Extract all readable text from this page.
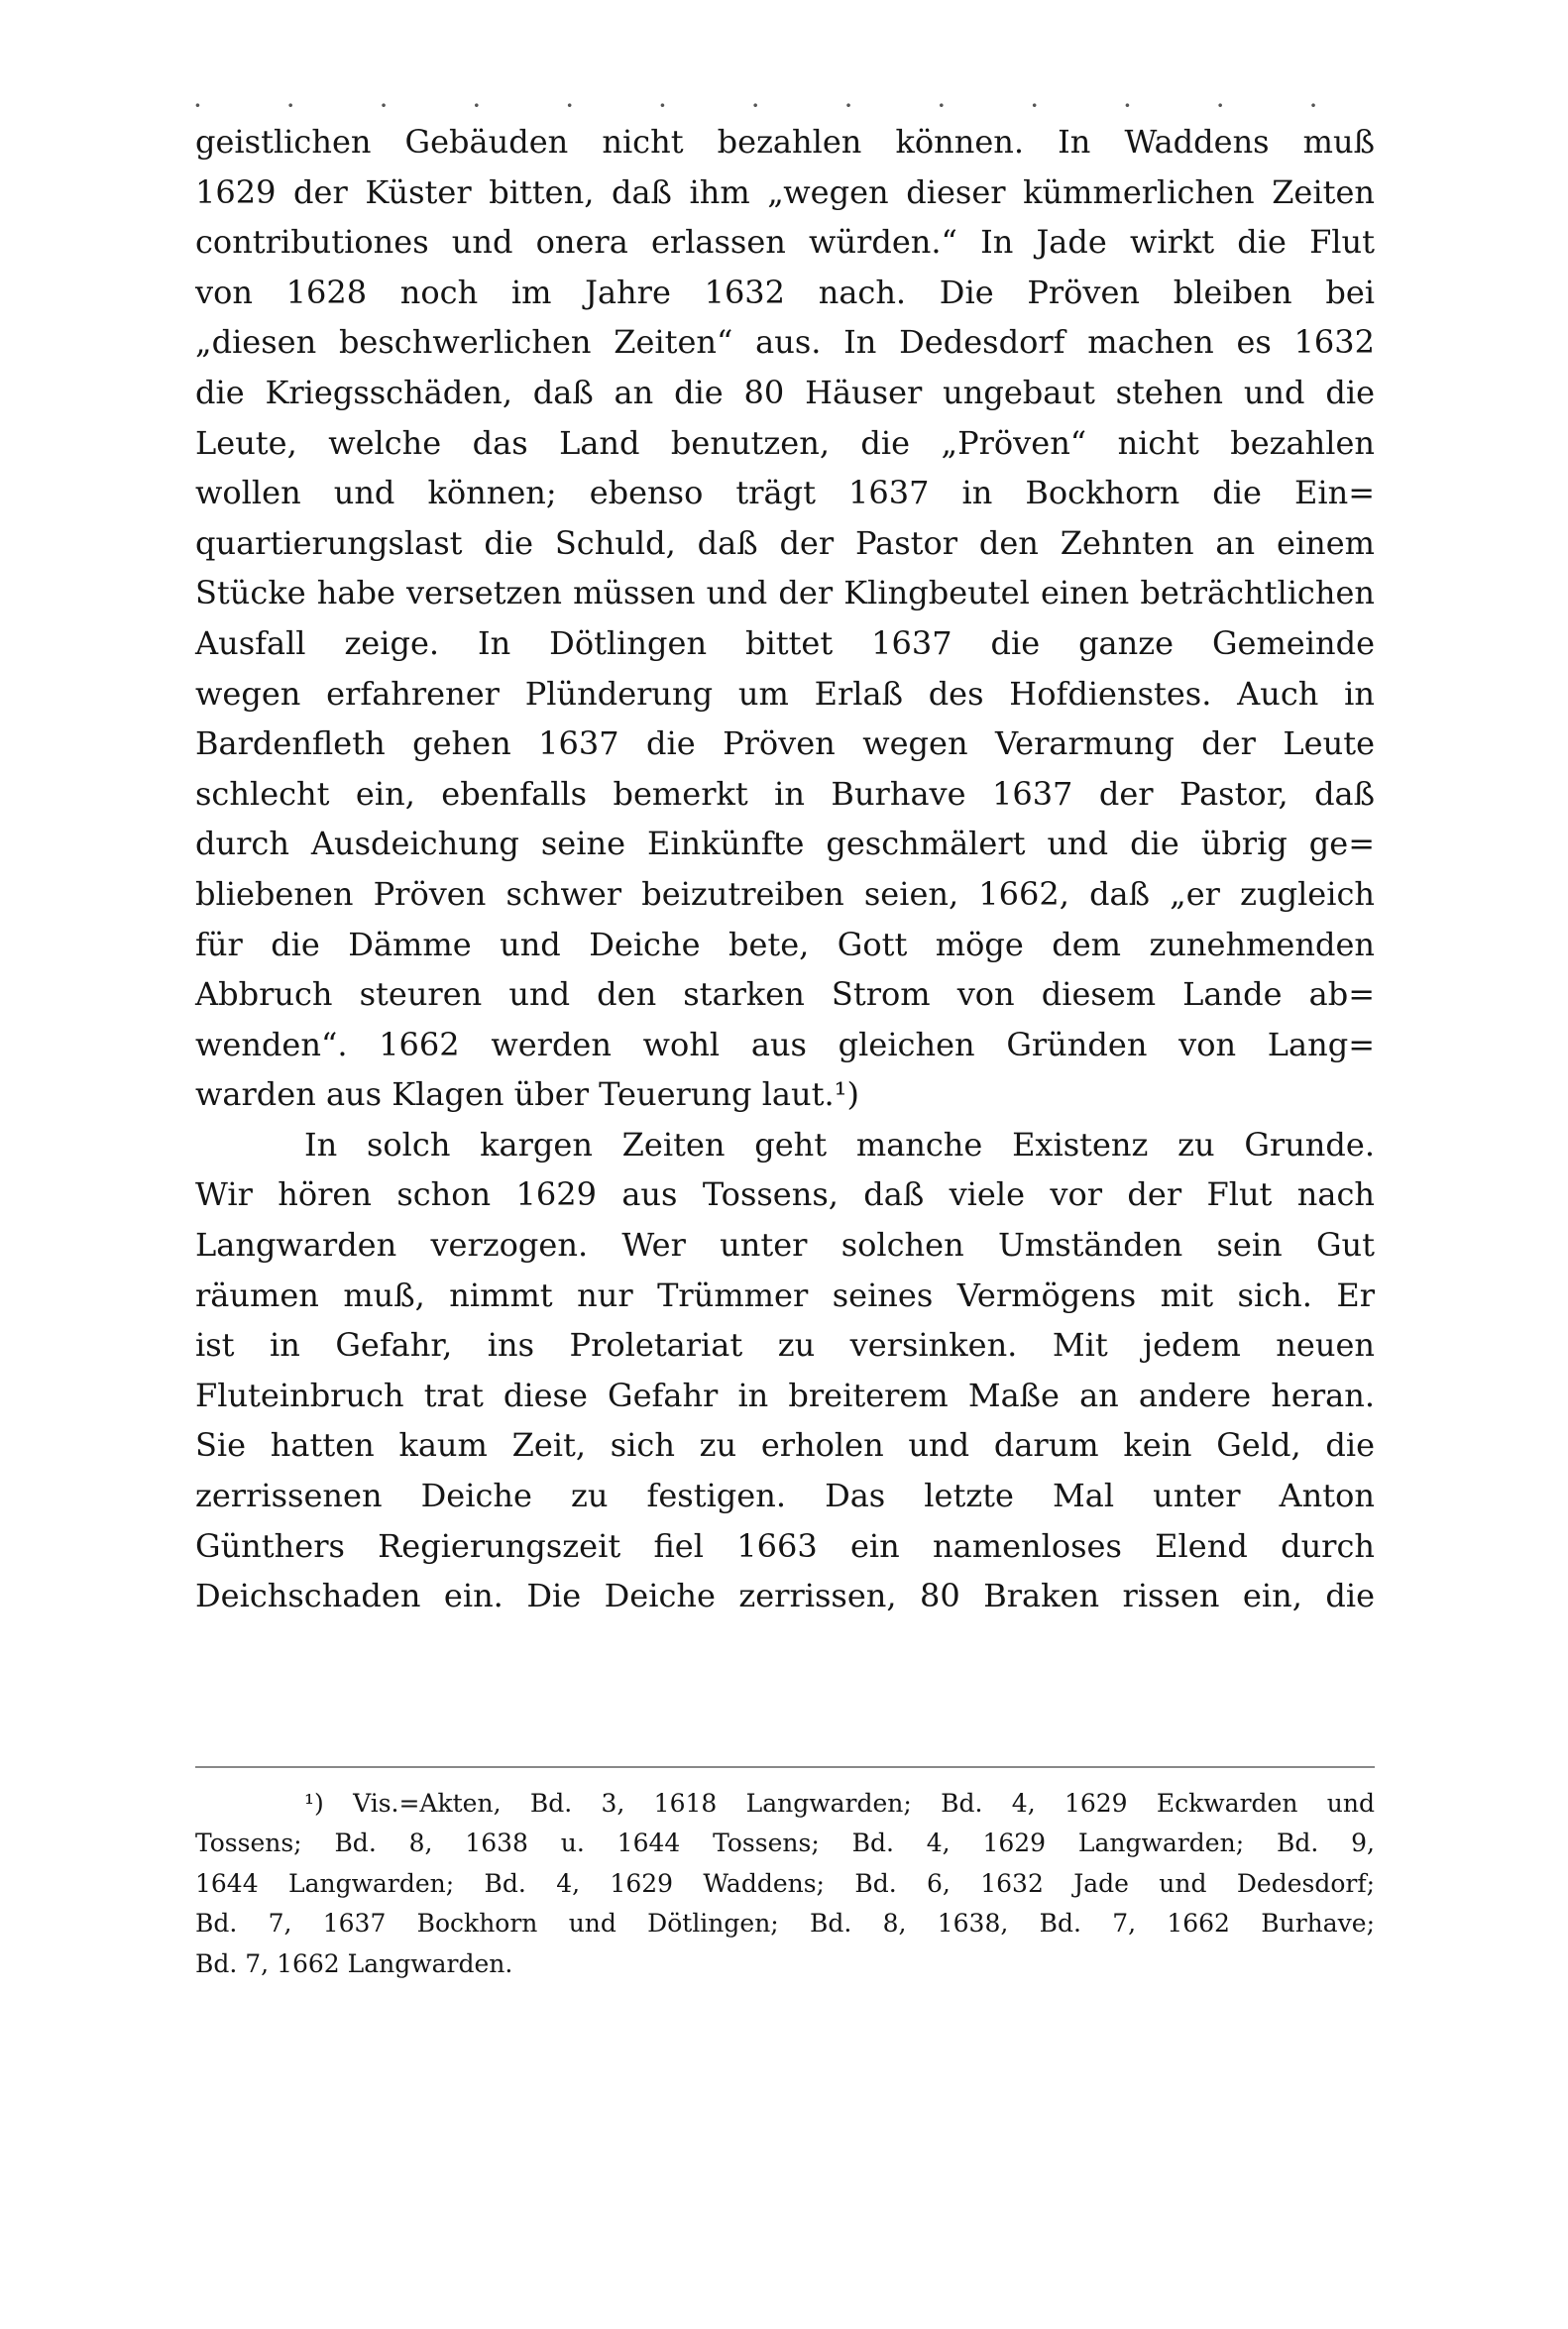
· · · · · · · · · · · · ·
geistlichen Gebäuden nicht bezahlen können. In Waddens muß
1629 der Küster bitten, daß ihm „wegen dieser kümmerlichen Zeiten
contributiones und onera erlassen würden.“ In Jade wirkt die Flut
von 1628 noch im Jahre 1632 nach. Die Pröven bleiben bei
„diesen beschwerlichen Zeiten“ aus. In Dedesdorf machen es 1632
die Kriegsschäden, daß an die 80 Häuser ungebaut stehen und die
Leute, welche das Land benutzen, die „Pröven“ nicht bezahlen
wollen und können; ebenso trägt 1637 in Bockhorn die Ein=
quartierungslast die Schuld, daß der Pastor den Zehnten an einem
Stücke habe versetzen müssen und der Klingbeutel einen beträchtlichen
Ausfall zeige. In Dötlingen bittet 1637 die ganze Gemeinde
wegen erfahrener Plünderung um Erlaß des Hofdienstes. Auch in
Bardenfleth gehen 1637 die Pröven wegen Verarmung der Leute
schlecht ein, ebenfalls bemerkt in Burhave 1637 der Pastor, daß
durch Ausdeichung seine Einkünfte geschmälert und die übrig ge=
bliebenen Pröven schwer beizutreiben seien, 1662, daß „er zugleich
für die Dämme und Deiche bete, Gott möge dem zunehmenden
Abbruch steuren und den starken Strom von diesem Lande ab=
wenden“. 1662 werden wohl aus gleichen Gründen von Lang=
warden aus Klagen über Teuerung laut.¹)
In solch kargen Zeiten geht manche Existenz zu Grunde.
Wir hören schon 1629 aus Tossens, daß viele vor der Flut nach
Langwarden verzogen. Wer unter solchen Umständen sein Gut
räumen muß, nimmt nur Trümmer seines Vermögens mit sich. Er
ist in Gefahr, ins Proletariat zu versinken. Mit jedem neuen
Fluteinbruch trat diese Gefahr in breiterem Maße an andere heran.
Sie hatten kaum Zeit, sich zu erholen und darum kein Geld, die
zerrissenen Deiche zu festigen. Das letzte Mal unter Anton
Günthers Regierungszeit fiel 1663 ein namenloses Elend durch
Deichschaden ein. Die Deiche zerrissen, 80 Braken rissen ein, die
¹) Vis.=Akten, Bd. 3, 1618 Langwarden; Bd. 4, 1629 Eckwarden und
Tossens; Bd. 8, 1638 u. 1644 Tossens; Bd. 4, 1629 Langwarden; Bd. 9,
1644 Langwarden; Bd. 4, 1629 Waddens; Bd. 6, 1632 Jade und Dedesdorf;
Bd. 7, 1637 Bockhorn und Dötlingen; Bd. 8, 1638, Bd. 7, 1662 Burhave;
Bd. 7, 1662 Langwarden.
